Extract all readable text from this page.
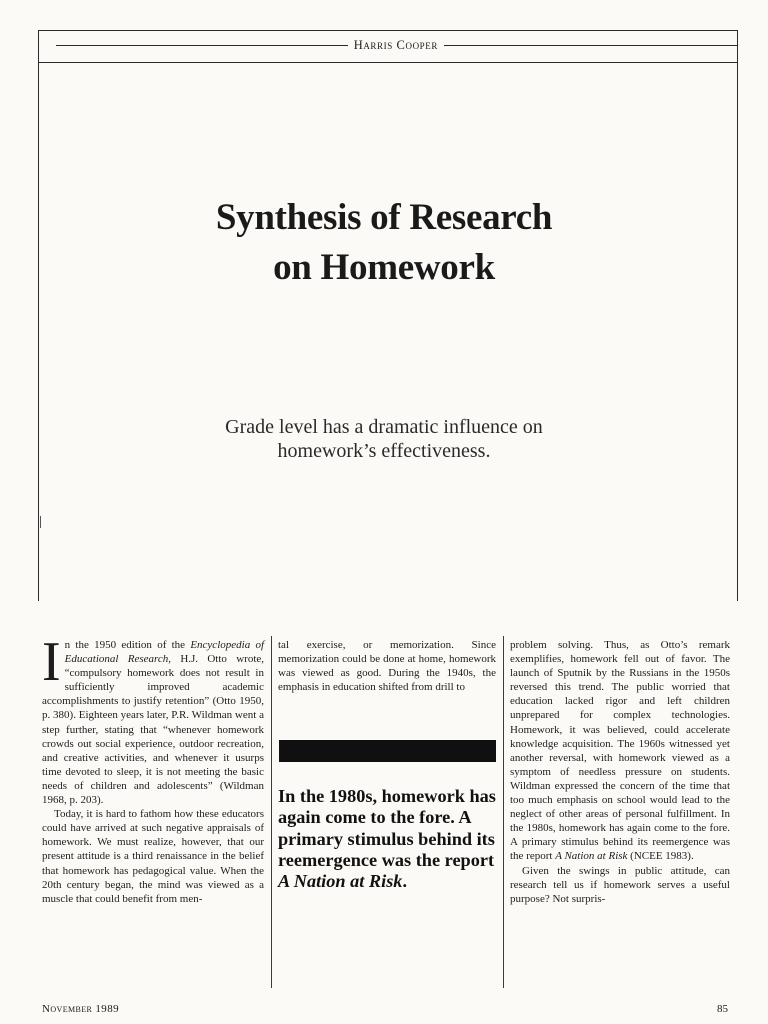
Harris Cooper
Synthesis of Research
on Homework

Grade level has a dramatic influence on
homework’s effectiveness.

In the 1950 edition of the Encyclopedia of Educational Research, H.J. Otto wrote, “compulsory homework does not result in sufficiently improved academic accomplishments to justify retention” (Otto 1950, p. 380). Eighteen years later, P.R. Wildman went a step further, stating that “whenever homework crowds out social experience, outdoor recreation, and creative activities, and whenever it usurps time devoted to sleep, it is not meeting the basic needs of children and adolescents” (Wildman 1968, p. 203).

Today, it is hard to fathom how these educators could have arrived at such negative appraisals of homework. We must realize, however, that our present attitude is a third renaissance in the belief that homework has pedagogical value. When the 20th century began, the mind was viewed as a muscle that could benefit from men-

tal exercise, or memorization. Since memorization could be done at home, homework was viewed as good. During the 1940s, the emphasis in education shifted from drill to

In the 1980s, homework has again come to the fore. A primary stimulus behind its reemergence was the report A Nation at Risk.

problem solving. Thus, as Otto’s remark exemplifies, homework fell out of favor. The launch of Sputnik by the Russians in the 1950s reversed this trend. The public worried that education lacked rigor and left children unprepared for complex technologies. Homework, it was believed, could accelerate knowledge acquisition. The 1960s witnessed yet another reversal, with homework viewed as a symptom of needless pressure on students. Wildman expressed the concern of the time that too much emphasis on school would lead to the neglect of other areas of personal fulfillment. In the 1980s, homework has again come to the fore. A primary stimulus behind its reemergence was the report A Nation at Risk (NCEE 1983).

Given the swings in public attitude, can research tell us if homework serves a useful purpose? Not surpris-

November 1989	85
